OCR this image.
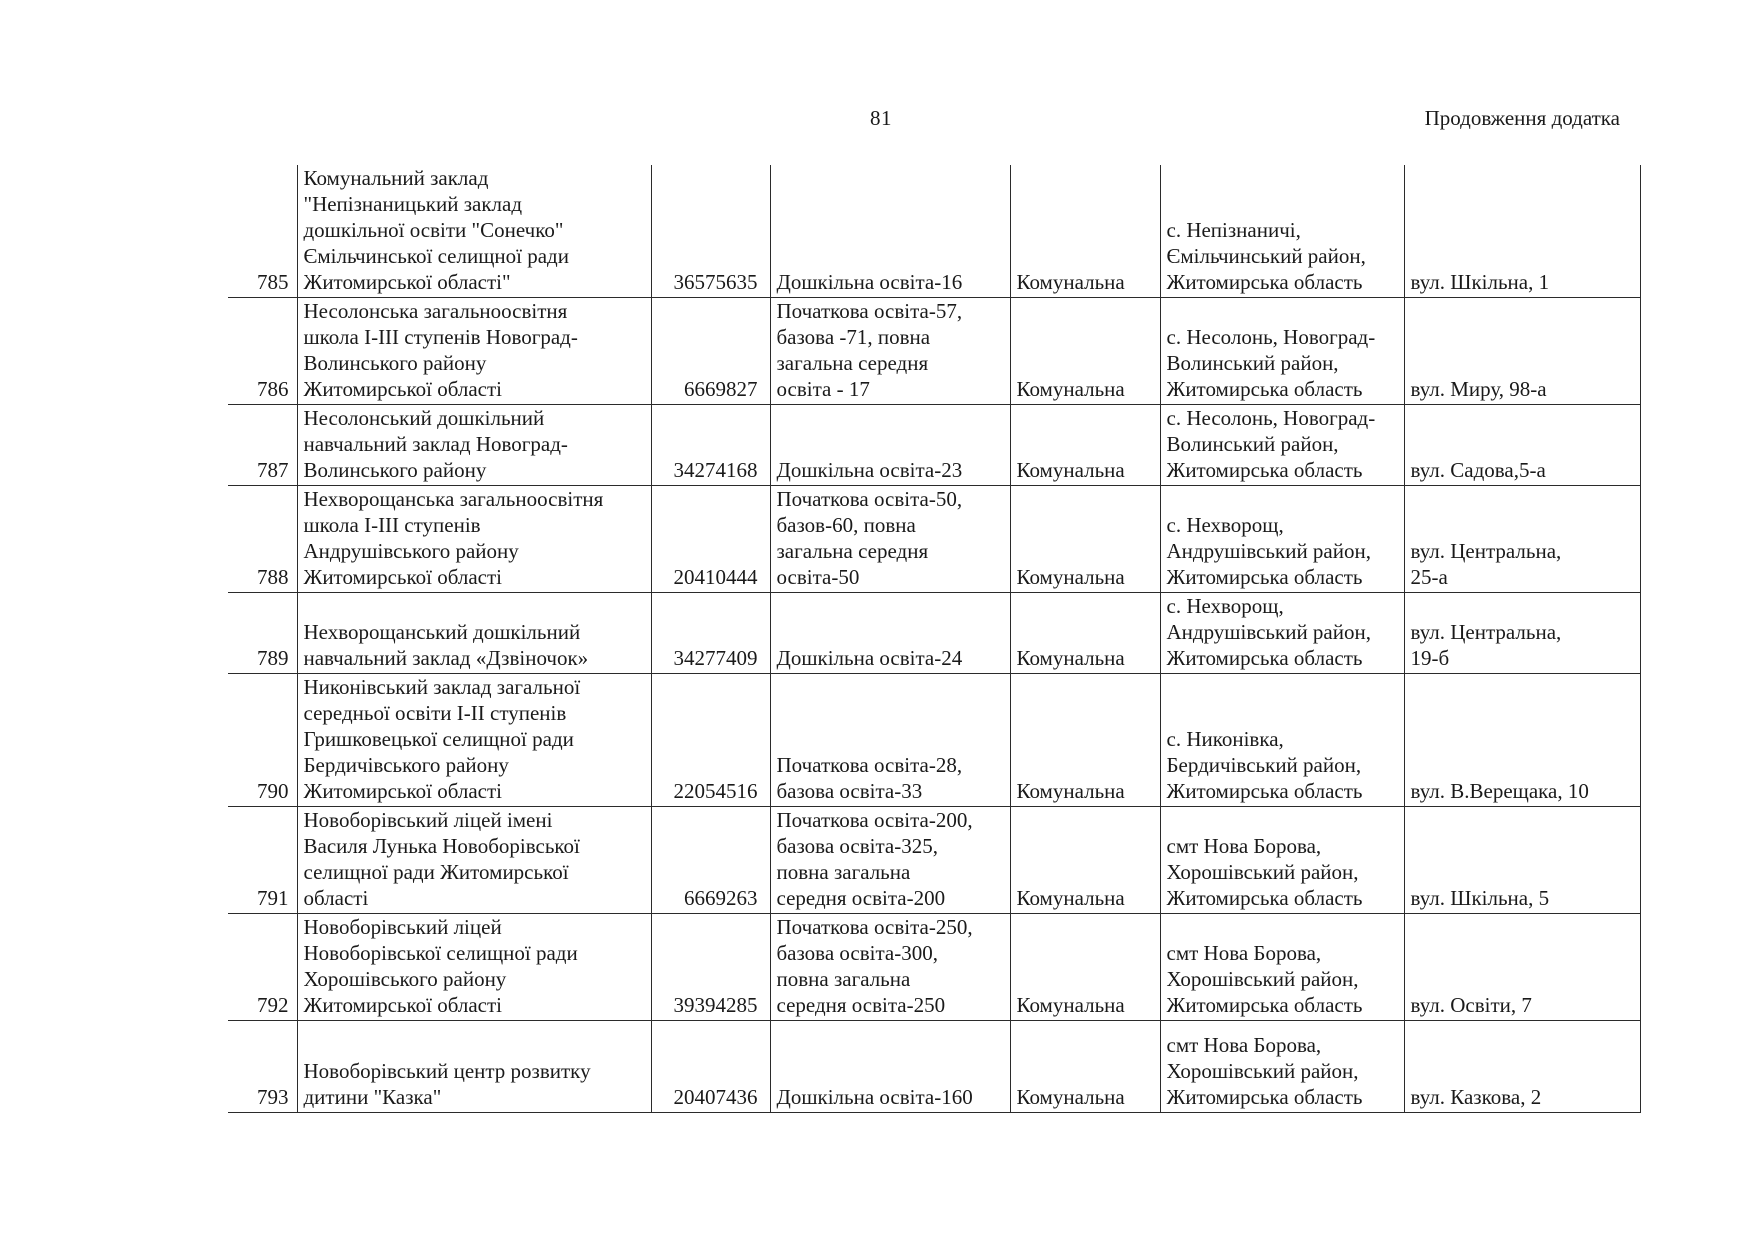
81	Продовження додатка
785	Комунальний заклад
"Непізнаницький заклад
дошкільної освіти "Сонечко"
Ємільчинської селищної ради
Житомирської області"	36575635	Дошкільна освіта-16	Комунальна	с. Непізнаничі,
Ємільчинський район,
Житомирська область	вул. Шкільна, 1
786	Несолонська загальноосвітня
школа І-ІІІ ступенів Новоград-
Волинського району
Житомирської області	6669827	Початкова освіта-57,
базова -71, повна
загальна середня
освіта - 17	Комунальна	с. Несолонь, Новоград-
Волинський район,
Житомирська область	вул. Миру, 98-а
787	Несолонський дошкільний
навчальний заклад Новоград-
Волинського району	34274168	Дошкільна освіта-23	Комунальна	с. Несолонь, Новоград-
Волинський район,
Житомирська область	вул. Садова,5-а
788	Нехворощанська загальноосвітня
школа І-ІІІ ступенів
Андрушівського району
Житомирської області	20410444	Початкова освіта-50,
базов-60, повна
загальна середня
освіта-50	Комунальна	с. Нехворощ,
Андрушівський район,
Житомирська область	вул. Центральна,
25-а
789	Нехворощанський дошкільний
навчальний заклад «Дзвіночок»	34277409	Дошкільна освіта-24	Комунальна	с. Нехворощ,
Андрушівський район,
Житомирська область	вул. Центральна,
19-б
790	Никонівський заклад загальної
середньої освіти І-ІІ ступенів
Гришковецької селищної ради
Бердичівського району
Житомирської області	22054516	Початкова освіта-28,
базова освіта-33	Комунальна	с. Никонівка,
Бердичівський район,
Житомирська область	вул. В.Верещака, 10
791	Новоборівський ліцей імені
Василя Лунька Новоборівської
селищної ради Житомирської
області	6669263	Початкова освіта-200,
базова освіта-325,
повна загальна
середня освіта-200	Комунальна	смт Нова Борова,
Хорошівський район,
Житомирська область	вул. Шкільна, 5
792	Новоборівський ліцей
Новоборівської селищної ради
Хорошівського району
Житомирської області	39394285	Початкова освіта-250,
базова освіта-300,
повна загальна
середня освіта-250	Комунальна	смт Нова Борова,
Хорошівський район,
Житомирська область	вул. Освіти, 7
793	Новоборівський центр розвитку
дитини "Казка"	20407436	Дошкільна освіта-160	Комунальна	смт Нова Борова,
Хорошівський район,
Житомирська область	вул. Казкова, 2
